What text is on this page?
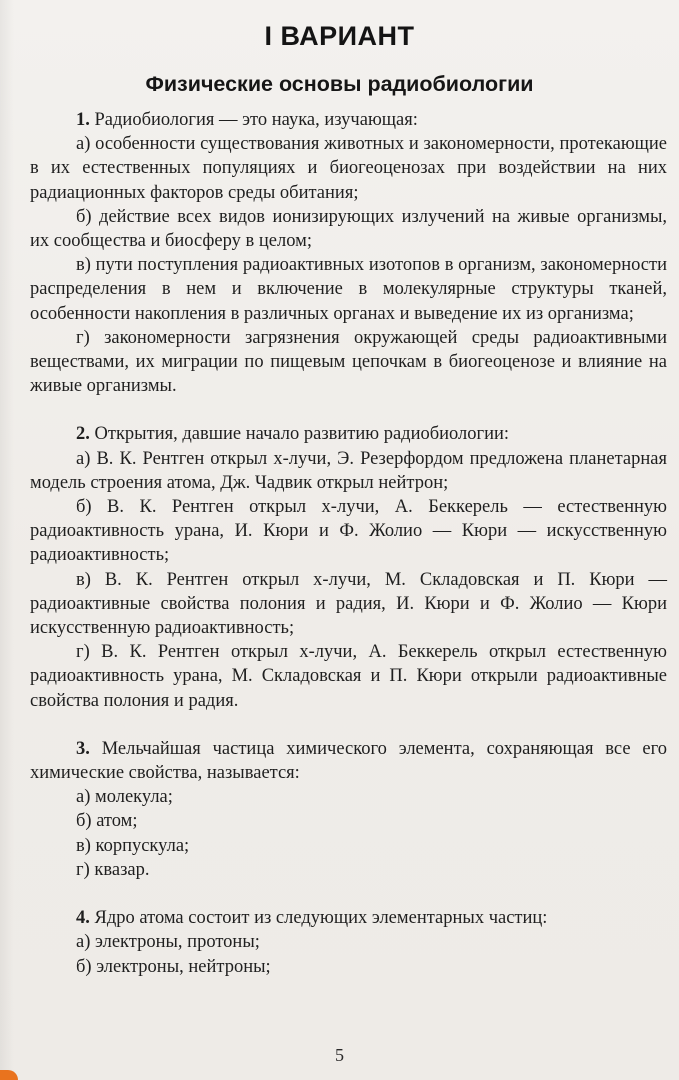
I ВАРИАНТ
Физические основы радиобиологии
1. Радиобиология — это наука, изучающая:
а) особенности существования животных и закономерности, протекающие в их естественных популяциях и биогеоценозах при воздействии на них радиационных факторов среды обитания;
б) действие всех видов ионизирующих излучений на живые организмы, их сообщества и биосферу в целом;
в) пути поступления радиоактивных изотопов в организм, закономерности распределения в нем и включение в молекулярные структуры тканей, особенности накопления в различных органах и выведение их из организма;
г) закономерности загрязнения окружающей среды радиоактивными веществами, их миграции по пищевым цепочкам в биогеоценозе и влияние на живые организмы.
2. Открытия, давшие начало развитию радиобиологии:
а) В. К. Рентген открыл х-лучи, Э. Резерфордом предложена планетарная модель строения атома, Дж. Чадвик открыл нейтрон;
б) В. К. Рентген открыл х-лучи, А. Беккерель — естественную радиоактивность урана, И. Кюри и Ф. Жолио — Кюри — искусственную радиоактивность;
в) В. К. Рентген открыл х-лучи, М. Складовская и П. Кюри — радиоактивные свойства полония и радия, И. Кюри и Ф. Жолио — Кюри искусственную радиоактивность;
г) В. К. Рентген открыл х-лучи, А. Беккерель открыл естественную радиоактивность урана, М. Складовская и П. Кюри открыли радиоактивные свойства полония и радия.
3. Мельчайшая частица химического элемента, сохраняющая все его химические свойства, называется:
а) молекула;
б) атом;
в) корпускула;
г) квазар.
4. Ядро атома состоит из следующих элементарных частиц:
а) электроны, протоны;
б) электроны, нейтроны;
5
